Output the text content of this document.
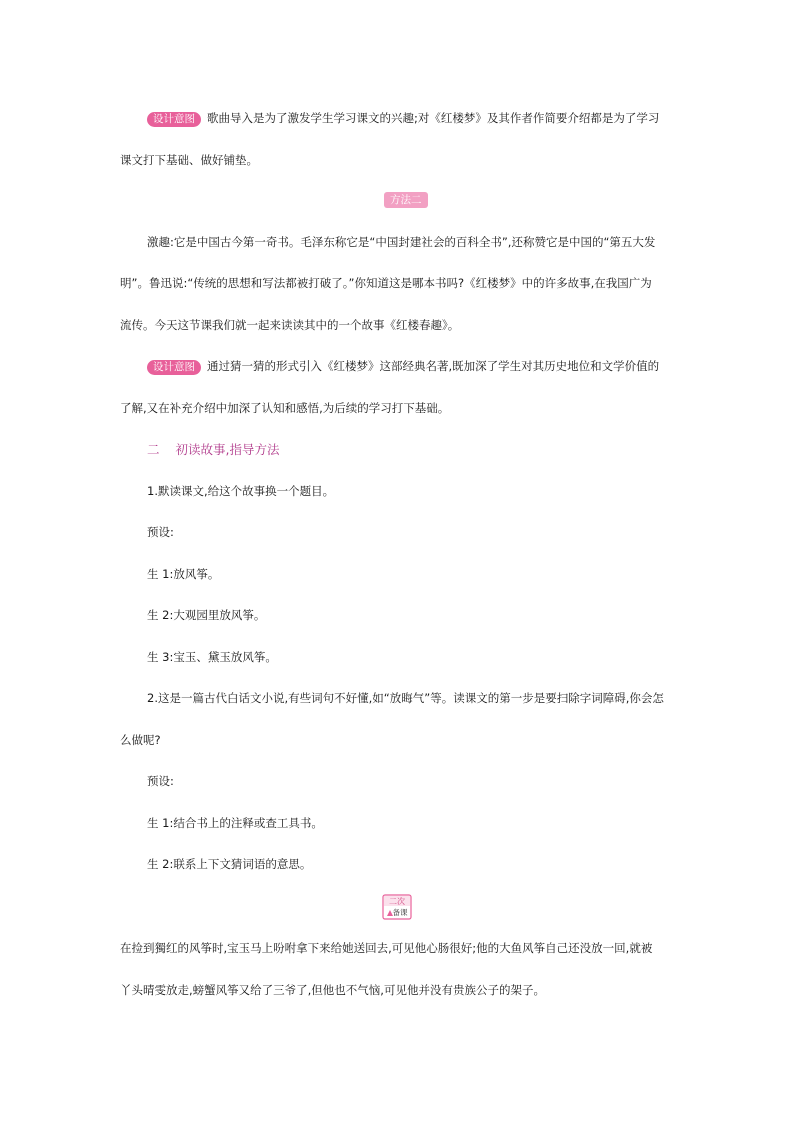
设计意图 歌曲导入是为了激发学生学习课文的兴趣;对《红楼梦》及其作者作简要介绍都是为了学习
课文打下基础、做好铺垫。
方法二
激趣:它是中国古今第一奇书。毛泽东称它是“中国封建社会的百科全书”,还称赞它是中国的“第五大发
明”。鲁迅说:“传统的思想和写法都被打破了。”你知道这是哪本书吗?《红楼梦》中的许多故事,在我国广为
流传。今天这节课我们就一起来读读其中的一个故事《红楼春趣》。
设计意图 通过猜一猜的形式引入《红楼梦》这部经典名著,既加深了学生对其历史地位和文学价值的
了解,又在补充介绍中加深了认知和感悟,为后续的学习打下基础。
二 初读故事,指导方法
1.默读课文,给这个故事换一个题目。
预设:
生 1:放风筝。
生 2:大观园里放风筝。
生 3:宝玉、黛玉放风筝。
2.这是一篇古代白话文小说,有些词句不好懂,如“放晦气”等。读课文的第一步是要扫除字词障碍,你会怎
么做呢?
预设:
生 1:结合书上的注释或查工具书。
生 2:联系上下文猜词语的意思。
二次
备课
在捡到獨红的风筝时,宝玉马上吩咐拿下来给她送回去,可见他心肠很好;他的大鱼风筝自己还没放一回,就被
丫头晴雯放走,螃蟹风筝又给了三爷了,但他也不气恼,可见他并没有贵族公子的架子。
